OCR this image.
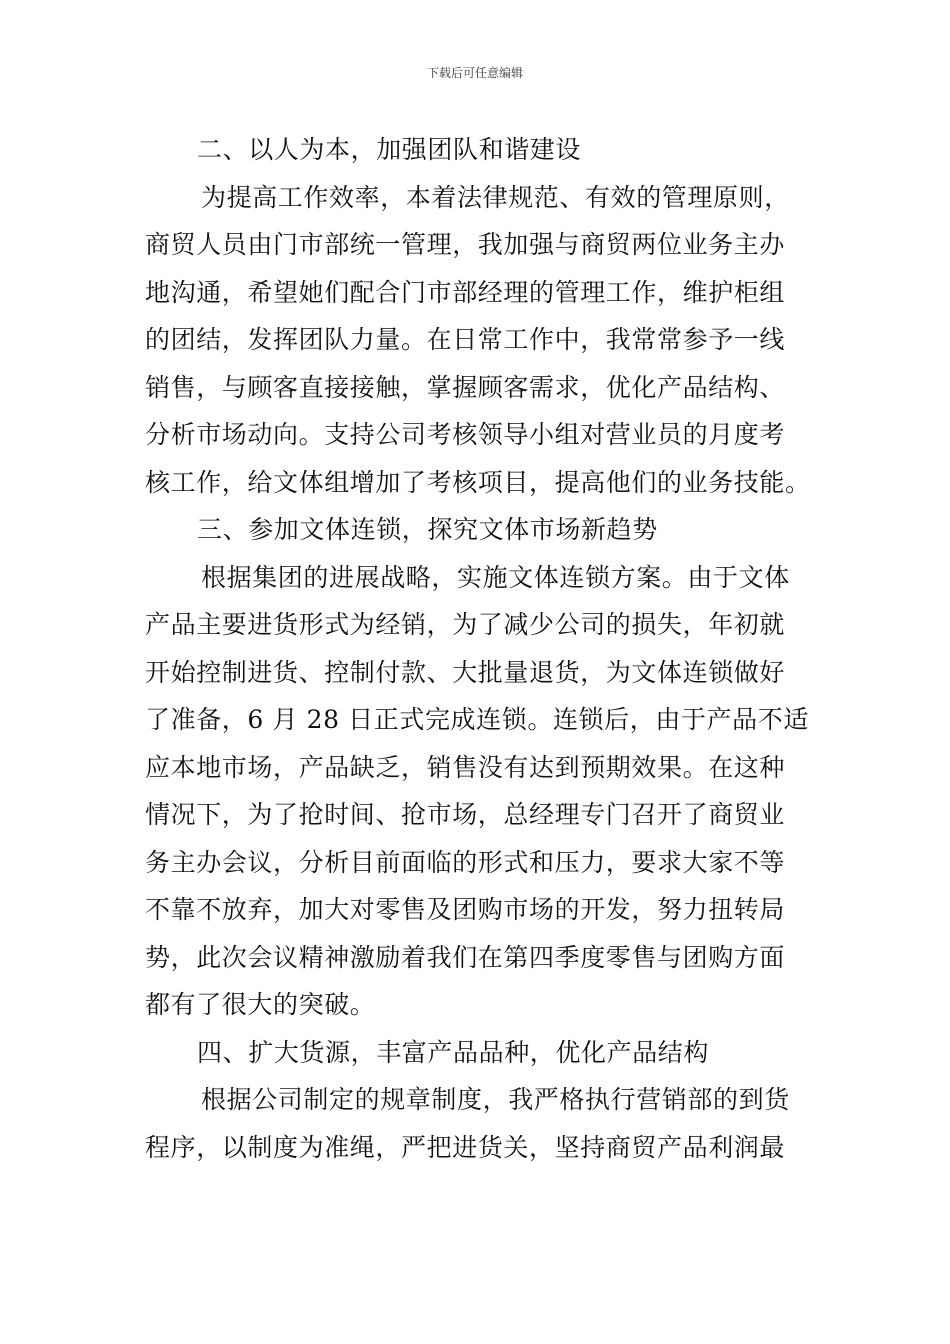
下载后可任意编辑
二、以人为本，加强团队和谐建设
为提高工作效率，本着法律规范、有效的管理原则，
商贸人员由门市部统一管理，我加强与商贸两位业务主办
地沟通，希望她们配合门市部经理的管理工作，维护柜组
的团结，发挥团队力量。在日常工作中，我常常参予一线
销售，与顾客直接接触，掌握顾客需求，优化产品结构、
分析市场动向。支持公司考核领导小组对营业员的月度考
核工作，给文体组增加了考核项目，提高他们的业务技能。
三、参加文体连锁，探究文体市场新趋势
根据集团的进展战略，实施文体连锁方案。由于文体
产品主要进货形式为经销，为了减少公司的损失，年初就
开始控制进货、控制付款、大批量退货，为文体连锁做好
了准备，6 月 28 日正式完成连锁。连锁后，由于产品不适
应本地市场，产品缺乏，销售没有达到预期效果。在这种
情况下，为了抢时间、抢市场，总经理专门召开了商贸业
务主办会议，分析目前面临的形式和压力，要求大家不等
不靠不放弃，加大对零售及团购市场的开发，努力扭转局
势，此次会议精神激励着我们在第四季度零售与团购方面
都有了很大的突破。
四、扩大货源，丰富产品品种，优化产品结构
根据公司制定的规章制度，我严格执行营销部的到货
程序，以制度为准绳，严把进货关，坚持商贸产品利润最
